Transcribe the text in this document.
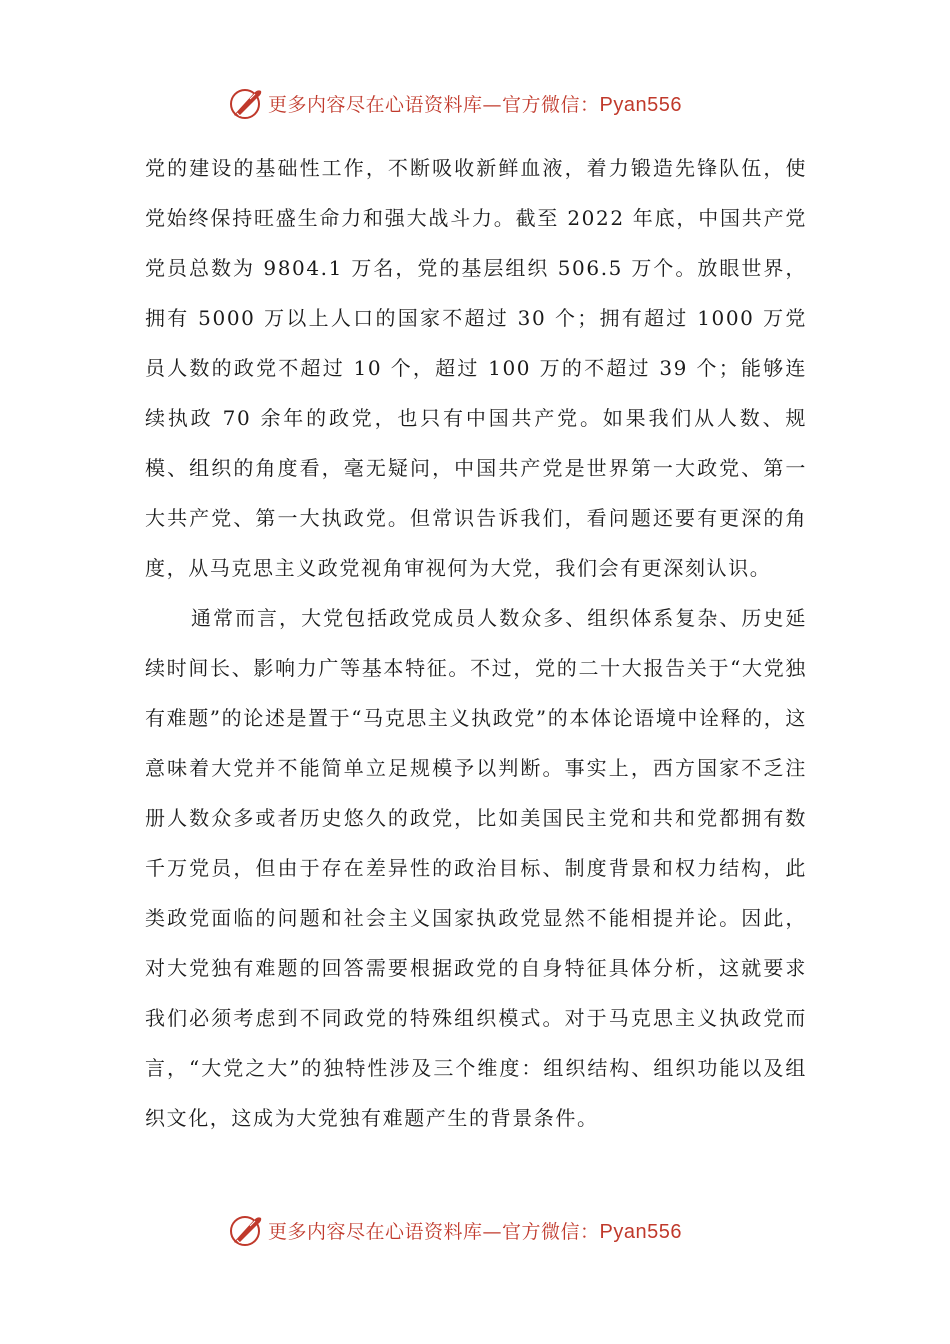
更多内容尽在心语资料库—官方微信：Pyan556

党的建设的基础性工作，不断吸收新鲜血液，着力锻造先锋队伍，使党始终保持旺盛生命力和强大战斗力。截至 2022 年底，中国共产党党员总数为 9804.1 万名，党的基层组织 506.5 万个。放眼世界，拥有 5000 万以上人口的国家不超过 30 个；拥有超过 1000 万党员人数的政党不超过 10 个，超过 100 万的不超过 39 个；能够连续执政 70 余年的政党，也只有中国共产党。如果我们从人数、规模、组织的角度看，毫无疑问，中国共产党是世界第一大政党、第一大共产党、第一大执政党。但常识告诉我们，看问题还要有更深的角度，从马克思主义政党视角审视何为大党，我们会有更深刻认识。

通常而言，大党包括政党成员人数众多、组织体系复杂、历史延续时间长、影响力广等基本特征。不过，党的二十大报告关于“大党独有难题”的论述是置于“马克思主义执政党”的本体论语境中诠释的，这意味着大党并不能简单立足规模予以判断。事实上，西方国家不乏注册人数众多或者历史悠久的政党，比如美国民主党和共和党都拥有数千万党员，但由于存在差异性的政治目标、制度背景和权力结构，此类政党面临的问题和社会主义国家执政党显然不能相提并论。因此，对大党独有难题的回答需要根据政党的自身特征具体分析，这就要求我们必须考虑到不同政党的特殊组织模式。对于马克思主义执政党而言，“大党之大”的独特性涉及三个维度：组织结构、组织功能以及组织文化，这成为大党独有难题产生的背景条件。

更多内容尽在心语资料库—官方微信：Pyan556
